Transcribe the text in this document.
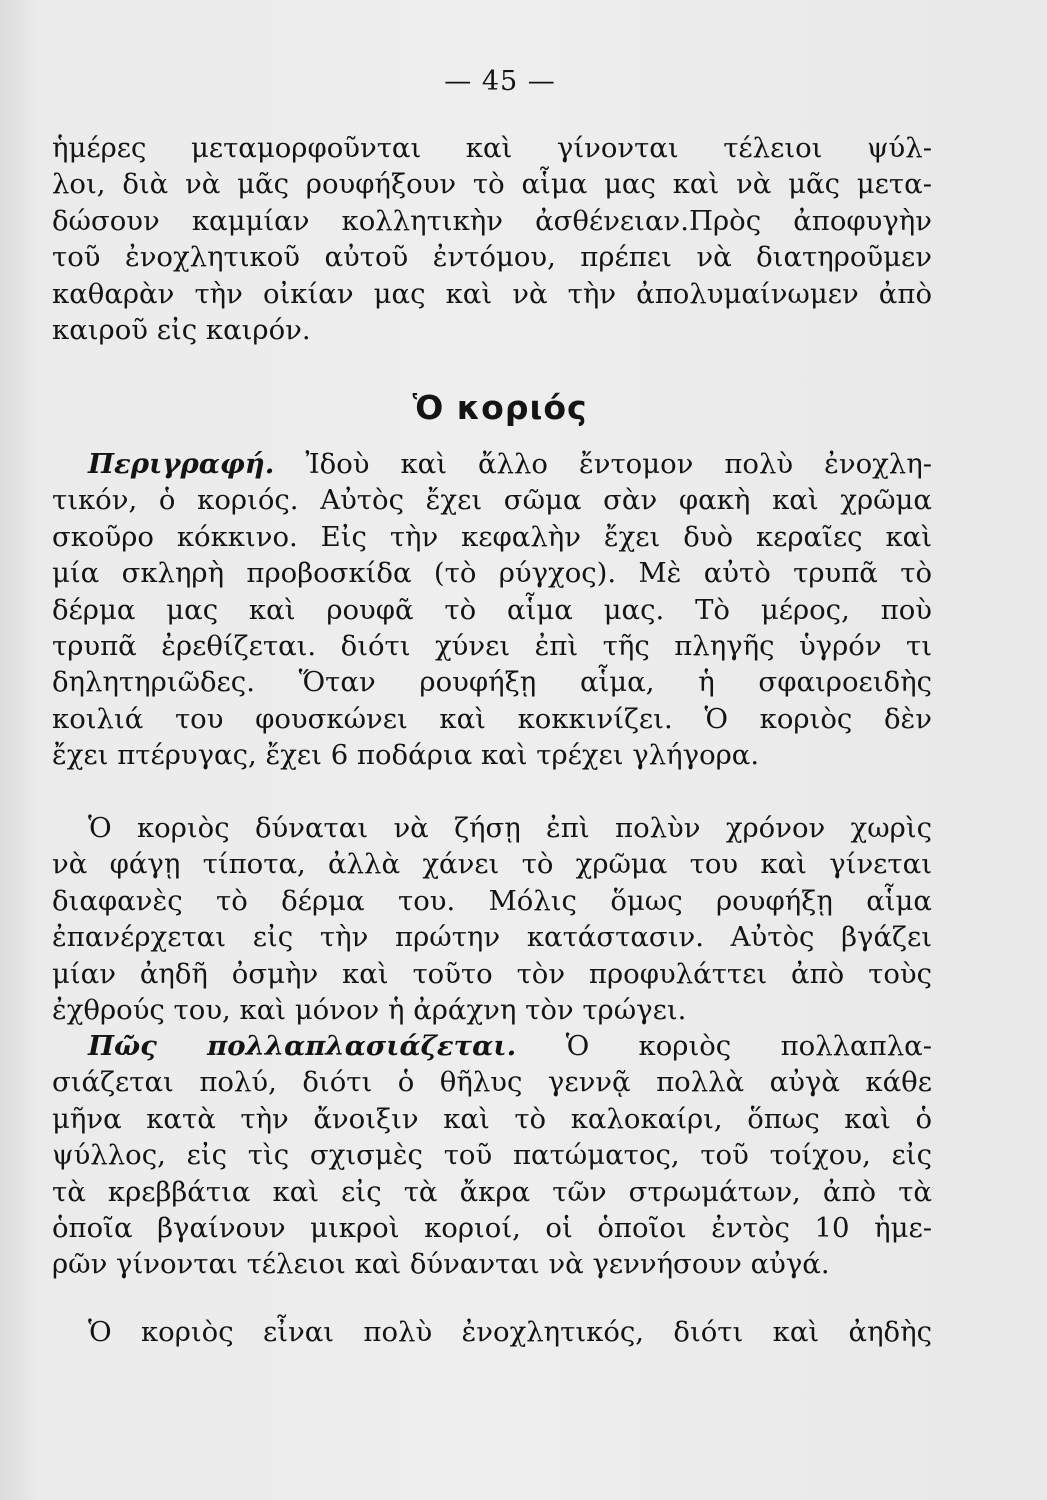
— 45 —
ἡμέρες μεταμορφοῦνται καὶ γίνονται τέλειοι ψύλ-
λοι, διὰ νὰ μᾶς ρουφήξουν τὸ αἷμα μας καὶ νὰ μᾶς μετα-
δώσουν καμμίαν κολλητικὴν ἀσθένειαν.Πρὸς ἀποφυγὴν
τοῦ ἐνοχλητικοῦ αὐτοῦ ἐντόμου, πρέπει νὰ διατηροῦμεν
καθαρὰν τὴν οἰκίαν μας καὶ νὰ τὴν ἀπολυμαίνωμεν ἀπὸ
καιροῦ εἰς καιρόν.
Ὁ κοριός
Περιγραφή. Ἰδοὺ καὶ ἄλλο ἔντομον πολὺ ἐνοχλη-
τικόν, ὁ κοριός. Αὐτὸς ἔχει σῶμα σὰν φακὴ καὶ χρῶμα
σκοῦρο κόκκινο. Εἰς τὴν κεφαλὴν ἔχει δυὸ κεραῖες καὶ
μία σκληρὴ προβοσκίδα (τὸ ρύγχος). Μὲ αὐτὸ τρυπᾶ τὸ
δέρμα μας καὶ ρουφᾶ τὸ αἷμα μας. Τὸ μέρος, ποὺ
τρυπᾶ ἐρεθίζεται. διότι χύνει ἐπὶ τῆς πληγῆς ὑγρόν τι
δηλητηριῶδες. Ὅταν ρουφήξῃ αἷμα, ἡ σφαιροειδὴς
κοιλιά του φουσκώνει καὶ κοκκινίζει. Ὁ κοριὸς δὲν
ἔχει πτέρυγας, ἔχει 6 ποδάρια καὶ τρέχει γλήγορα.
Ὁ κοριὸς δύναται νὰ ζήσῃ ἐπὶ πολὺν χρόνον χωρὶς
νὰ φάγῃ τίποτα, ἀλλὰ χάνει τὸ χρῶμα του καὶ γίνεται
διαφανὲς τὸ δέρμα του. Μόλις ὅμως ρουφήξῃ αἷμα
ἐπανέρχεται εἰς τὴν πρώτην κατάστασιν. Αὐτὸς βγάζει
μίαν ἀηδῆ ὀσμὴν καὶ τοῦτο τὸν προφυλάττει ἀπὸ τοὺς
ἐχθρούς του, καὶ μόνον ἡ ἀράχνη τὸν τρώγει.
Πῶς πολλαπλασιάζεται. Ὁ κοριὸς πολλαπλα-
σιάζεται πολύ, διότι ὁ θῆλυς γεννᾷ πολλὰ αὐγὰ κάθε
μῆνα κατὰ τὴν ἄνοιξιν καὶ τὸ καλοκαίρι, ὅπως καὶ ὁ
ψύλλος, εἰς τὶς σχισμὲς τοῦ πατώματος, τοῦ τοίχου, εἰς
τὰ κρεββάτια καὶ εἰς τὰ ἄκρα τῶν στρωμάτων, ἀπὸ τὰ
ὁποῖα βγαίνουν μικροὶ κοριοί, οἱ ὁποῖοι ἐντὸς 10 ἡμε-
ρῶν γίνονται τέλειοι καὶ δύνανται νὰ γεννήσουν αὐγά.
Ὁ κοριὸς εἶναι πολὺ ἐνοχλητικός, διότι καὶ ἀηδὴς
